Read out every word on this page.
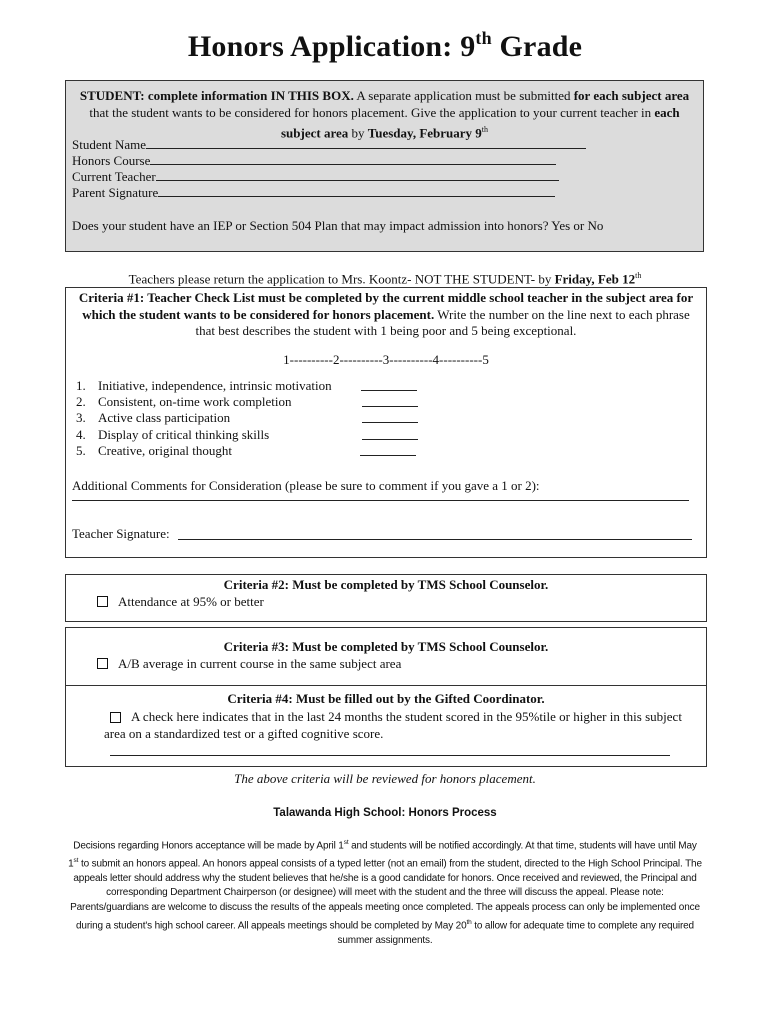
Honors Application: 9th Grade
STUDENT: complete information IN THIS BOX. A separate application must be submitted for each subject area that the student wants to be considered for honors placement. Give the application to your current teacher in each subject area by Tuesday, February 9th
Student Name
Honors Course
Current Teacher
Parent Signature
Does your student have an IEP or Section 504 Plan that may impact admission into honors? Yes or No
Teachers please return the application to Mrs. Koontz- NOT THE STUDENT- by Friday, Feb 12th
Criteria #1: Teacher Check List must be completed by the current middle school teacher in the subject area for which the student wants to be considered for honors placement. Write the number on the line next to each phrase that best describes the student with 1 being poor and 5 being exceptional.
1----------2----------3----------4----------5
1. Initiative, independence, intrinsic motivation
2. Consistent, on-time work completion
3. Active class participation
4. Display of critical thinking skills
5. Creative, original thought
Additional Comments for Consideration (please be sure to comment if you gave a 1 or 2):
Teacher Signature:
Criteria #2: Must be completed by TMS School Counselor.
Attendance at 95% or better
Criteria #3: Must be completed by TMS School Counselor.
A/B average in current course in the same subject area
Criteria #4: Must be filled out by the Gifted Coordinator.
A check here indicates that in the last 24 months the student scored in the 95%tile or higher in this subject area on a standardized test or a gifted cognitive score.
The above criteria will be reviewed for honors placement.
Talawanda High School: Honors Process
Decisions regarding Honors acceptance will be made by April 1st and students will be notified accordingly. At that time, students will have until May 1st to submit an honors appeal. An honors appeal consists of a typed letter (not an email) from the student, directed to the High School Principal. The appeals letter should address why the student believes that he/she is a good candidate for honors. Once received and reviewed, the Principal and corresponding Department Chairperson (or designee) will meet with the student and the three will discuss the appeal. Please note: Parents/guardians are welcome to discuss the results of the appeals meeting once completed. The appeals process can only be implemented once during a student's high school career. All appeals meetings should be completed by May 20th to allow for adequate time to complete any required summer assignments.
